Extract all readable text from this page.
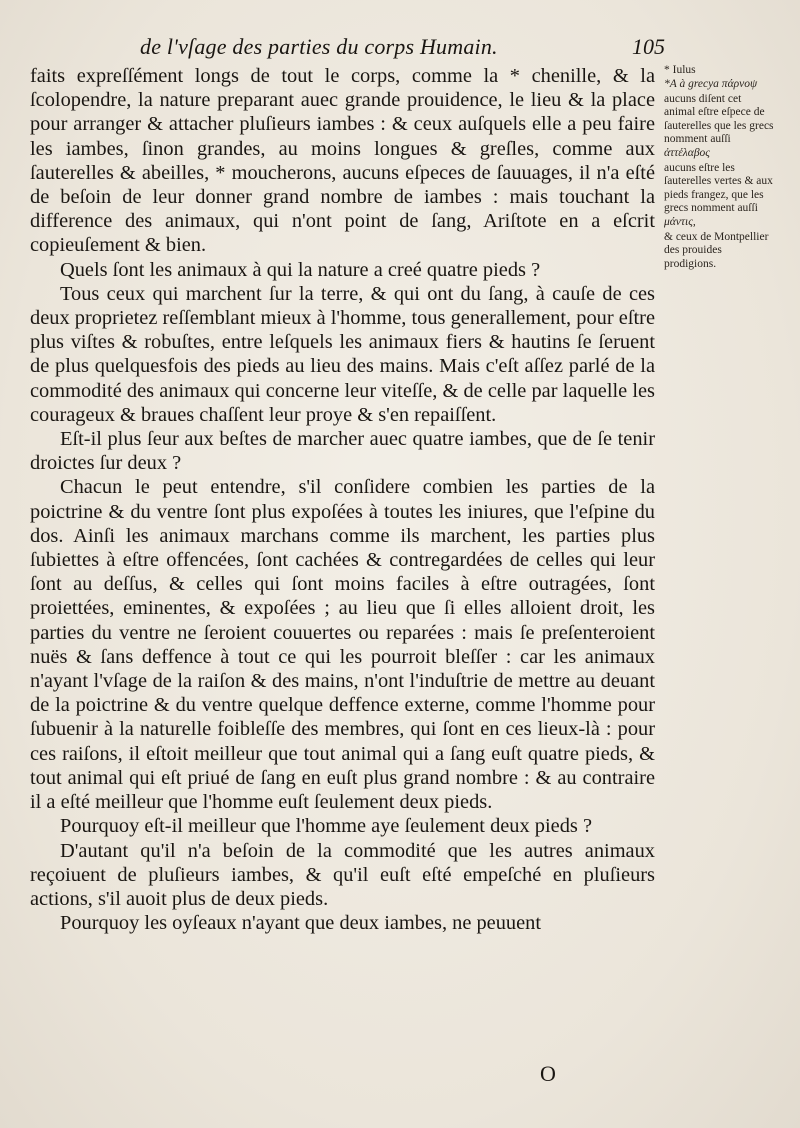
de l'vſage des parties du corps Humain.	105

faits expreſſément longs de tout le corps, comme la * chenille, & la ſcolopendre, la nature preparant auec grande prouidence, le lieu & la place pour arranger & attacher pluſieurs iambes : & ceux auſquels elle a peu faire les iambes, ſinon grandes, au moins longues & greſles, comme aux ſauterelles & abeilles, * moucherons, aucuns eſpeces de ſauuages, il n'a eſté de beſoin de leur donner grand nombre de iambes : mais touchant la difference des animaux, qui n'ont point de ſang, Ariſtote en a eſcrit copieuſement & bien.

Quels ſont les animaux à qui la nature a creé quatre pieds ?

Tous ceux qui marchent ſur la terre, & qui ont du ſang, à cauſe de ces deux proprietez reſſemblant mieux à l'homme, tous generallement, pour eſtre plus viſtes & robuſtes, entre leſquels les animaux fiers & hautins ſe ſeruent de plus quelquesfois des pieds au lieu des mains. Mais c'eſt aſſez parlé de la commodité des animaux qui concerne leur viteſſe, & de celle par laquelle les courageux & braues chaſſent leur proye & s'en repaiſſent.

Eſt-il plus ſeur aux beſtes de marcher auec quatre iambes, que de ſe tenir droictes ſur deux ?

Chacun le peut entendre, s'il conſidere combien les parties de la poictrine & du ventre ſont plus expoſées à toutes les iniures, que l'eſpine du dos. Ainſi les animaux marchans comme ils marchent, les parties plus ſubiettes à eſtre offencées, ſont cachées & contregardées de celles qui leur ſont au deſſus, & celles qui ſont moins faciles à eſtre outragées, ſont proiettées, eminentes, & expoſées ; au lieu que ſi elles alloient droit, les parties du ventre ne ſeroient couuertes ou reparées : mais ſe preſenteroient nuës & ſans deffence à tout ce qui les pourroit bleſſer : car les animaux n'ayant l'vſage de la raiſon & des mains, n'ont l'induſtrie de mettre au deuant de la poictrine & du ventre quelque deffence externe, comme l'homme pour ſubuenir à la naturelle foibleſſe des membres, qui ſont en ces lieux-là : pour ces raiſons, il eſtoit meilleur que tout animal qui a ſang euſt quatre pieds, & tout animal qui eſt priué de ſang en euſt plus grand nombre : & au contraire il a eſté meilleur que l'homme euſt ſeulement deux pieds.

Pourquoy eſt-il meilleur que l'homme aye ſeulement deux pieds ?

D'autant qu'il n'a beſoin de la commodité que les autres animaux reçoiuent de pluſieurs iambes, & qu'il euſt eſté empeſché en pluſieurs actions, s'il auoit plus de deux pieds.

Pourquoy les oyſeaux n'ayant que deux iambes, ne peuuent

* Iulus

*A à grecya πάρνοψ

aucuns diſent cet animal eſtre eſpece de ſauterelles que les grecs nomment auſſi

ἀττέλαβος

aucuns eſtre les ſauterelles vertes & aux pieds frangez, que les grecs nomment auſſi

μάντις,

& ceux de Montpellier des prouides prodigions.

O
